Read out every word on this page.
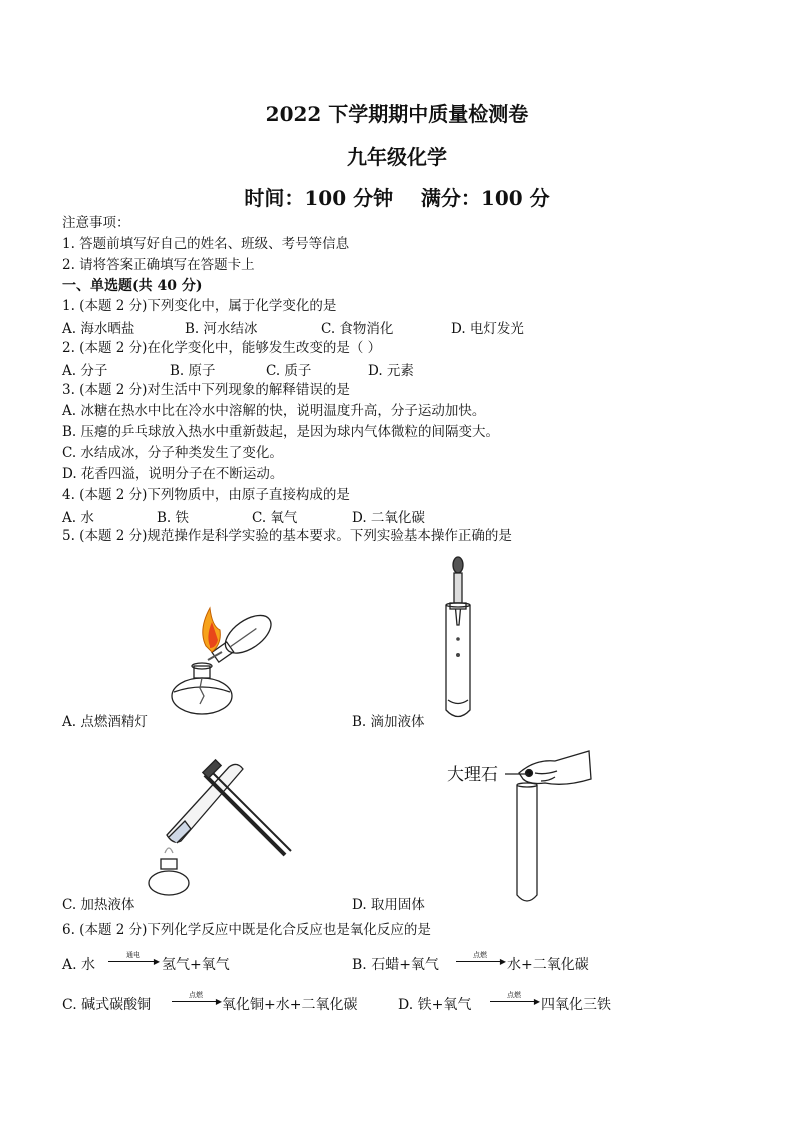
2022 下学期期中质量检测卷
九年级化学
时间：100 分钟    满分：100 分
注意事项：
1. 答题前填写好自己的姓名、班级、考号等信息
2. 请将答案正确填写在答题卡上
一、单选题(共 40 分)
1. (本题 2 分)下列变化中，属于化学变化的是
A. 海水晒盐	B. 河水结冰	C. 食物消化	D. 电灯发光
2. (本题 2 分)在化学变化中，能够发生改变的是（ ）
A. 分子	B. 原子	C. 质子	D. 元素
3. (本题 2 分)对生活中下列现象的解释错误的是
A. 冰糖在热水中比在冷水中溶解的快，说明温度升高，分子运动加快。
B. 压瘪的乒乓球放入热水中重新鼓起，是因为球内气体微粒的间隔变大。
C. 水结成冰，分子种类发生了变化。
D. 花香四溢，说明分子在不断运动。
4. (本题 2 分)下列物质中，由原子直接构成的是
A. 水	B. 铁	C. 氧气	D. 二氧化碳
5. (本题 2 分)规范操作是科学实验的基本要求。下列实验基本操作正确的是
A. 点燃酒精灯	B. 滴加液体
C. 加热液体
大理石
D. 取用固体
6. (本题 2 分)下列化学反应中既是化合反应也是氧化反应的是
A. 水
通电
▶ 氢气+氧气	B. 石蜡+氧气
点燃
▶ 水+二氧化碳
C. 碱式碳酸铜
点燃
▶ 氧化铜+水+二氧化碳	D. 铁+氧气
点燃
▶ 四氧化三铁
